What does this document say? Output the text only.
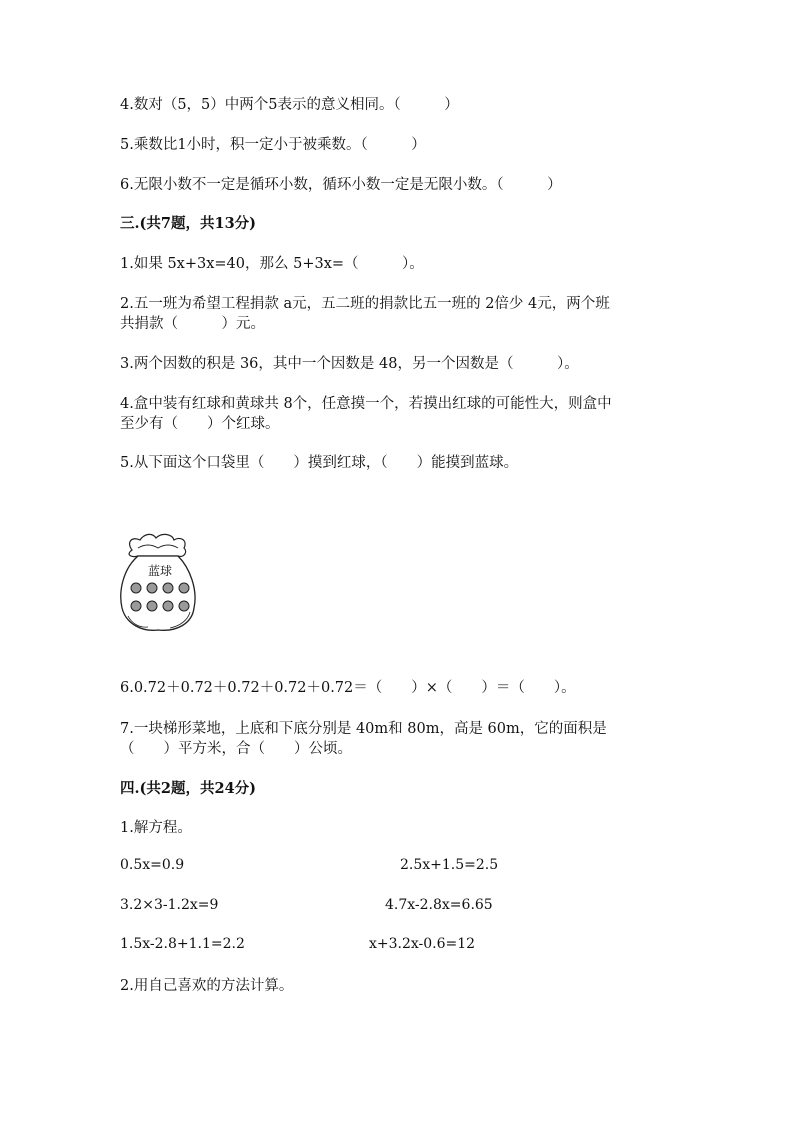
4.数对（5，5）中两个5表示的意义相同。（　　　）
5.乘数比1小时，积一定小于被乘数。（　　　）
6.无限小数不一定是循环小数，循环小数一定是无限小数。（　　　）
三.(共7题，共13分)
1.如果 5x+3x=40，那么 5+3x=（　　　）。
2.五一班为希望工程捐款 a元，五二班的捐款比五一班的 2倍少 4元，两个班
共捐款（　　　）元。
3.两个因数的积是 36，其中一个因数是 48，另一个因数是（　　　）。
4.盒中装有红球和黄球共 8个，任意摸一个，若摸出红球的可能性大，则盒中
至少有（　　）个红球。
5.从下面这个口袋里（　　）摸到红球，（　　）能摸到蓝球。
蓝球
6.0.72＋0.72＋0.72＋0.72＋0.72＝（　　）×（　　）＝（　　）。
7.一块梯形菜地，上底和下底分别是 40m和 80m，高是 60m，它的面积是
（　　）平方米，合（　　）公顷。
四.(共2题，共24分)
1.解方程。
0.5x=0.9	2.5x+1.5=2.5
3.2×3-1.2x=9	4.7x-2.8x=6.65
1.5x-2.8+1.1=2.2	x+3.2x-0.6=12
2.用自己喜欢的方法计算。
